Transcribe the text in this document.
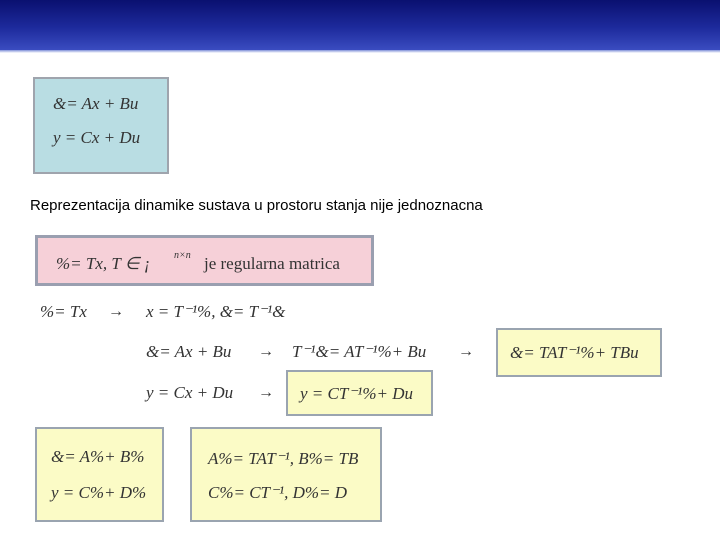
&= Ax + Bu
y = Cx + Du
Reprezentacija dinamike sustava u prostoru stanja nije jednoznacna
%= Tx, T ∈ ¡ n×n je regularna matrica
%= Tx → x = T⁻¹%, &= T⁻¹&
&= Ax + Bu → T⁻¹&= AT⁻¹%+ Bu → &= TAT⁻¹%+ TBu
y = Cx + Du → y = CT⁻¹%+ Du
&= A%+ B%
y = C%+ D%
A%= TAT⁻¹, B%= TB
C%= CT⁻¹, D%= D
